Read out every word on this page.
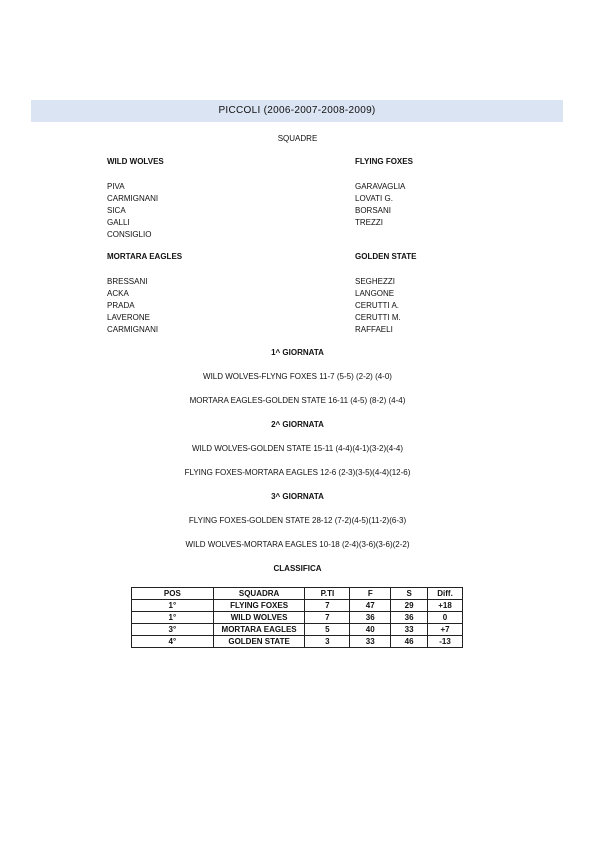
PICCOLI (2006-2007-2008-2009)
SQUADRE
WILD WOLVES
PIVA
CARMIGNANI
SICA
GALLI
CONSIGLIO
MORTARA EAGLES
BRESSANI
ACKA
PRADA
LAVERONE
CARMIGNANI
FLYING FOXES
GARAVAGLIA
LOVATI G.
BORSANI
TREZZI
GOLDEN STATE
SEGHEZZI
LANGONE
CERUTTI A.
CERUTTI M.
RAFFAELI
1^ GIORNATA
WILD WOLVES-FLYNG FOXES 11-7 (5-5) (2-2) (4-0)
MORTARA EAGLES-GOLDEN STATE 16-11 (4-5) (8-2) (4-4)
2^ GIORNATA
WILD WOLVES-GOLDEN STATE 15-11 (4-4)(4-1)(3-2)(4-4)
FLYING FOXES-MORTARA EAGLES 12-6 (2-3)(3-5)(4-4)(12-6)
3^ GIORNATA
FLYING FOXES-GOLDEN STATE 28-12 (7-2)(4-5)(11-2)(6-3)
WILD WOLVES-MORTARA EAGLES 10-18 (2-4)(3-6)(3-6)(2-2)
CLASSIFICA
POS	SQUADRA	P.TI	F	S	Diff.
1°	FLYING FOXES	7	47	29	+18
1°	WILD WOLVES	7	36	36	0
3°	MORTARA EAGLES	5	40	33	+7
4°	GOLDEN STATE	3	33	46	-13
